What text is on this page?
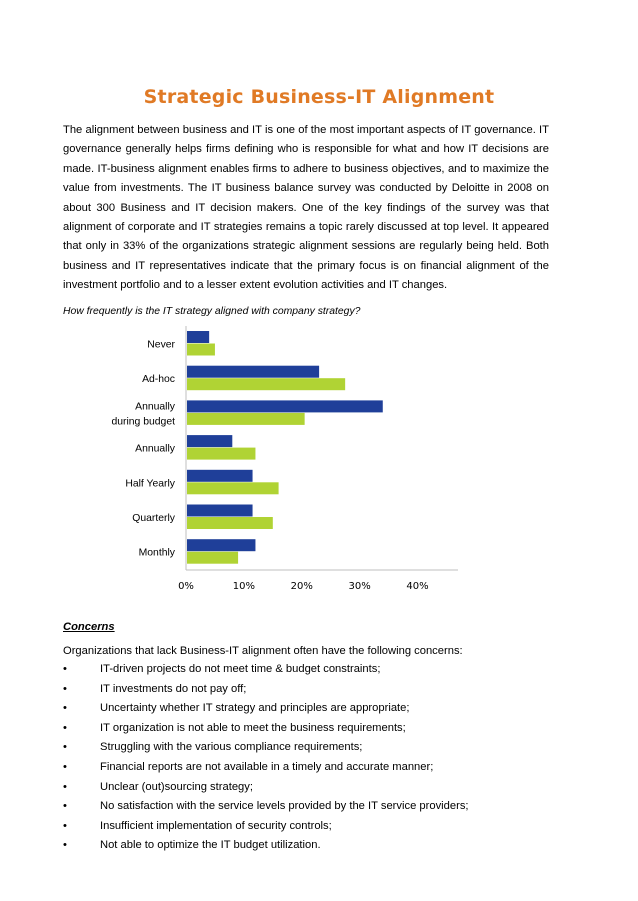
Strategic Business-IT Alignment

The alignment between business and IT is one of the most important aspects of IT governance. IT governance generally helps firms defining who is responsible for what and how IT decisions are made. IT-business alignment enables firms to adhere to business objectives, and to maximize the value from investments. The IT business balance survey was conducted by Deloitte in 2008 on about 300 Business and IT decision makers. One of the key findings of the survey was that alignment of corporate and IT strategies remains a topic rarely discussed at top level. It appeared that only in 33% of the organizations strategic alignment sessions are regularly being held. Both business and IT representatives indicate that the primary focus is on financial alignment of the investment portfolio and to a lesser extent evolution activities and IT changes.

How frequently is the IT strategy aligned with company strategy?
Never
Ad-hoc
Annually
during budget
Annually
Half Yearly
Quarterly
Monthly
0%	10%	20%	30%	40%
Concerns
Organizations that lack Business-IT alignment often have the following concerns:
•	IT-driven projects do not meet time & budget constraints;
•	IT investments do not pay off;
•	Uncertainty whether IT strategy and principles are appropriate;
•	IT organization is not able to meet the business requirements;
•	Struggling with the various compliance requirements;
•	Financial reports are not available in a timely and accurate manner;
•	Unclear (out)sourcing strategy;
•	No satisfaction with the service levels provided by the IT service providers;
•	Insufficient implementation of security controls;
•	Not able to optimize the IT budget utilization.
